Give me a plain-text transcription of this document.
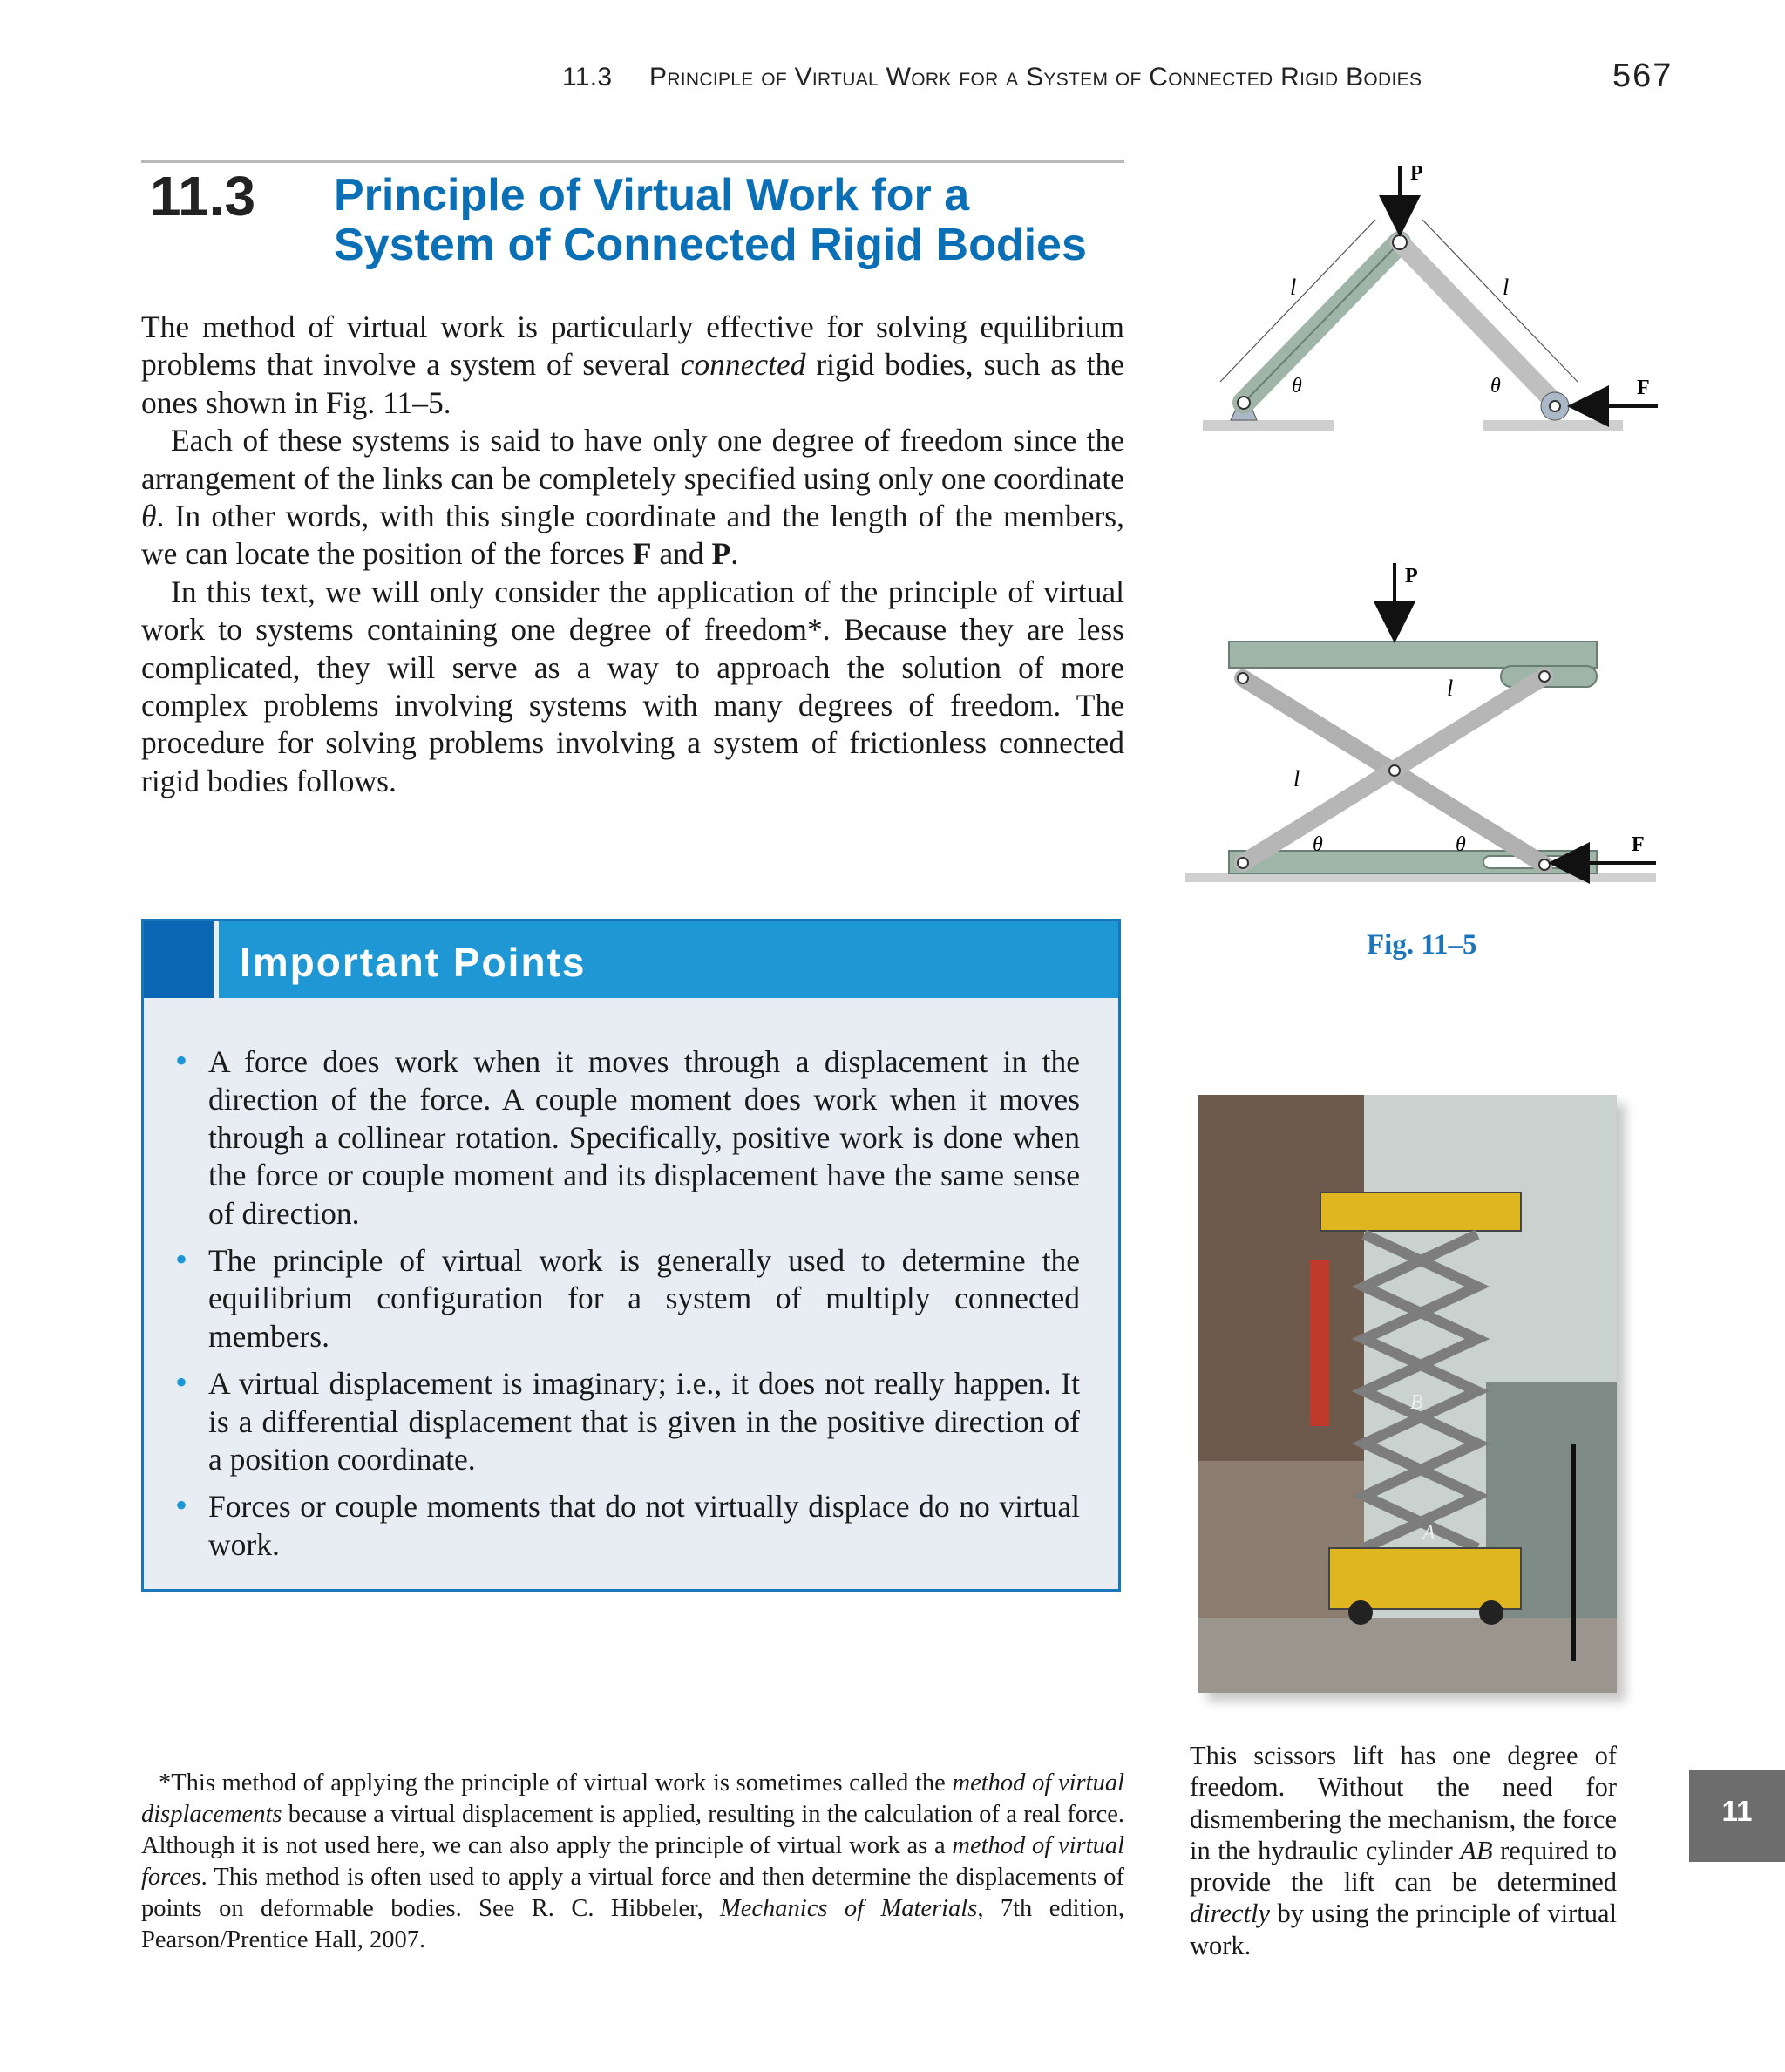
11.3 Principle of Virtual Work for a System of Connected Rigid Bodies	567
11.3 Principle of Virtual Work for a System of Connected Rigid Bodies

The method of virtual work is particularly effective for solving equilibrium problems that involve a system of several connected rigid bodies, such as the ones shown in Fig. 11–5.

Each of these systems is said to have only one degree of freedom since the arrangement of the links can be completely specified using only one coordinate θ. In other words, with this single coordinate and the length of the members, we can locate the position of the forces F and P.

In this text, we will only consider the application of the principle of virtual work to systems containing one degree of freedom*. Because they are less complicated, they will serve as a way to approach the solution of more complex problems involving systems with many degrees of freedom. The procedure for solving problems involving a system of frictionless connected rigid bodies follows.

Important Points
• A force does work when it moves through a displacement in the direction of the force. A couple moment does work when it moves through a collinear rotation. Specifically, positive work is done when the force or couple moment and its displacement have the same sense of direction.
• The principle of virtual work is generally used to determine the equilibrium configuration for a system of multiply connected members.
• A virtual displacement is imaginary; i.e., it does not really happen. It is a differential displacement that is given in the positive direction of a position coordinate.
• Forces or couple moments that do not virtually displace do no virtual work.
*This method of applying the principle of virtual work is sometimes called the method of virtual displacements because a virtual displacement is applied, resulting in the calculation of a real force. Although it is not used here, we can also apply the principle of virtual work as a method of virtual forces. This method is often used to apply a virtual force and then determine the displacements of points on deformable bodies. See R. C. Hibbeler, Mechanics of Materials, 7th edition, Pearson/Prentice Hall, 2007.
P
F
l	l
θ	θ
P
F
l
l
θ	θ
Fig. 11–5
B
A
This scissors lift has one degree of freedom. Without the need for dismembering the mechanism, the force in the hydraulic cylinder AB required to provide the lift can be determined directly by using the principle of virtual work.
11
